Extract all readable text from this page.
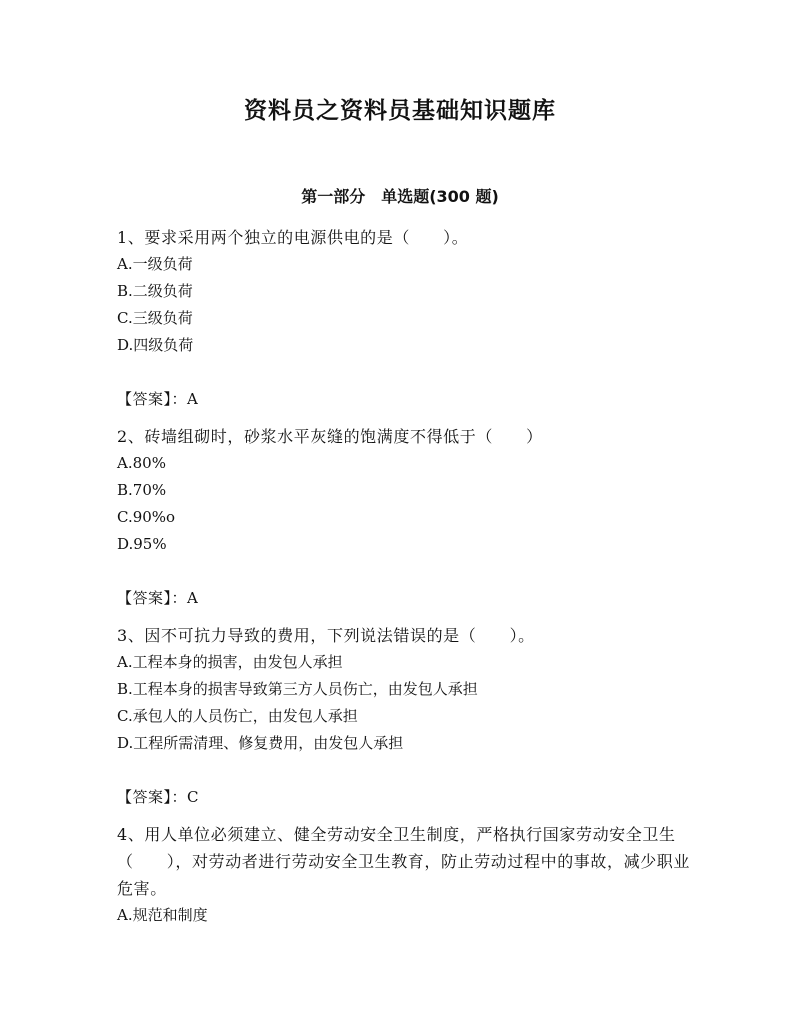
资料员之资料员基础知识题库
第一部分　单选题(300 题)

1、要求采用两个独立的电源供电的是（　　）。

A.一级负荷
B.二级负荷
C.三级负荷
D.四级负荷
【答案】：A

2、砖墙组砌时，砂浆水平灰缝的饱满度不得低于（　　）

A.80%
B.70%
C.90%o
D.95%
【答案】：A

3、因不可抗力导致的费用，下列说法错误的是（　　）。

A.工程本身的损害，由发包人承担
B.工程本身的损害导致第三方人员伤亡，由发包人承担
C.承包人的人员伤亡，由发包人承担
D.工程所需清理、修复费用，由发包人承担
【答案】：C

4、用人单位必须建立、健全劳动安全卫生制度，严格执行国家劳动安全卫生（　　），对劳动者进行劳动安全卫生教育，防止劳动过程中的事故，减少职业危害。

A.规范和制度
